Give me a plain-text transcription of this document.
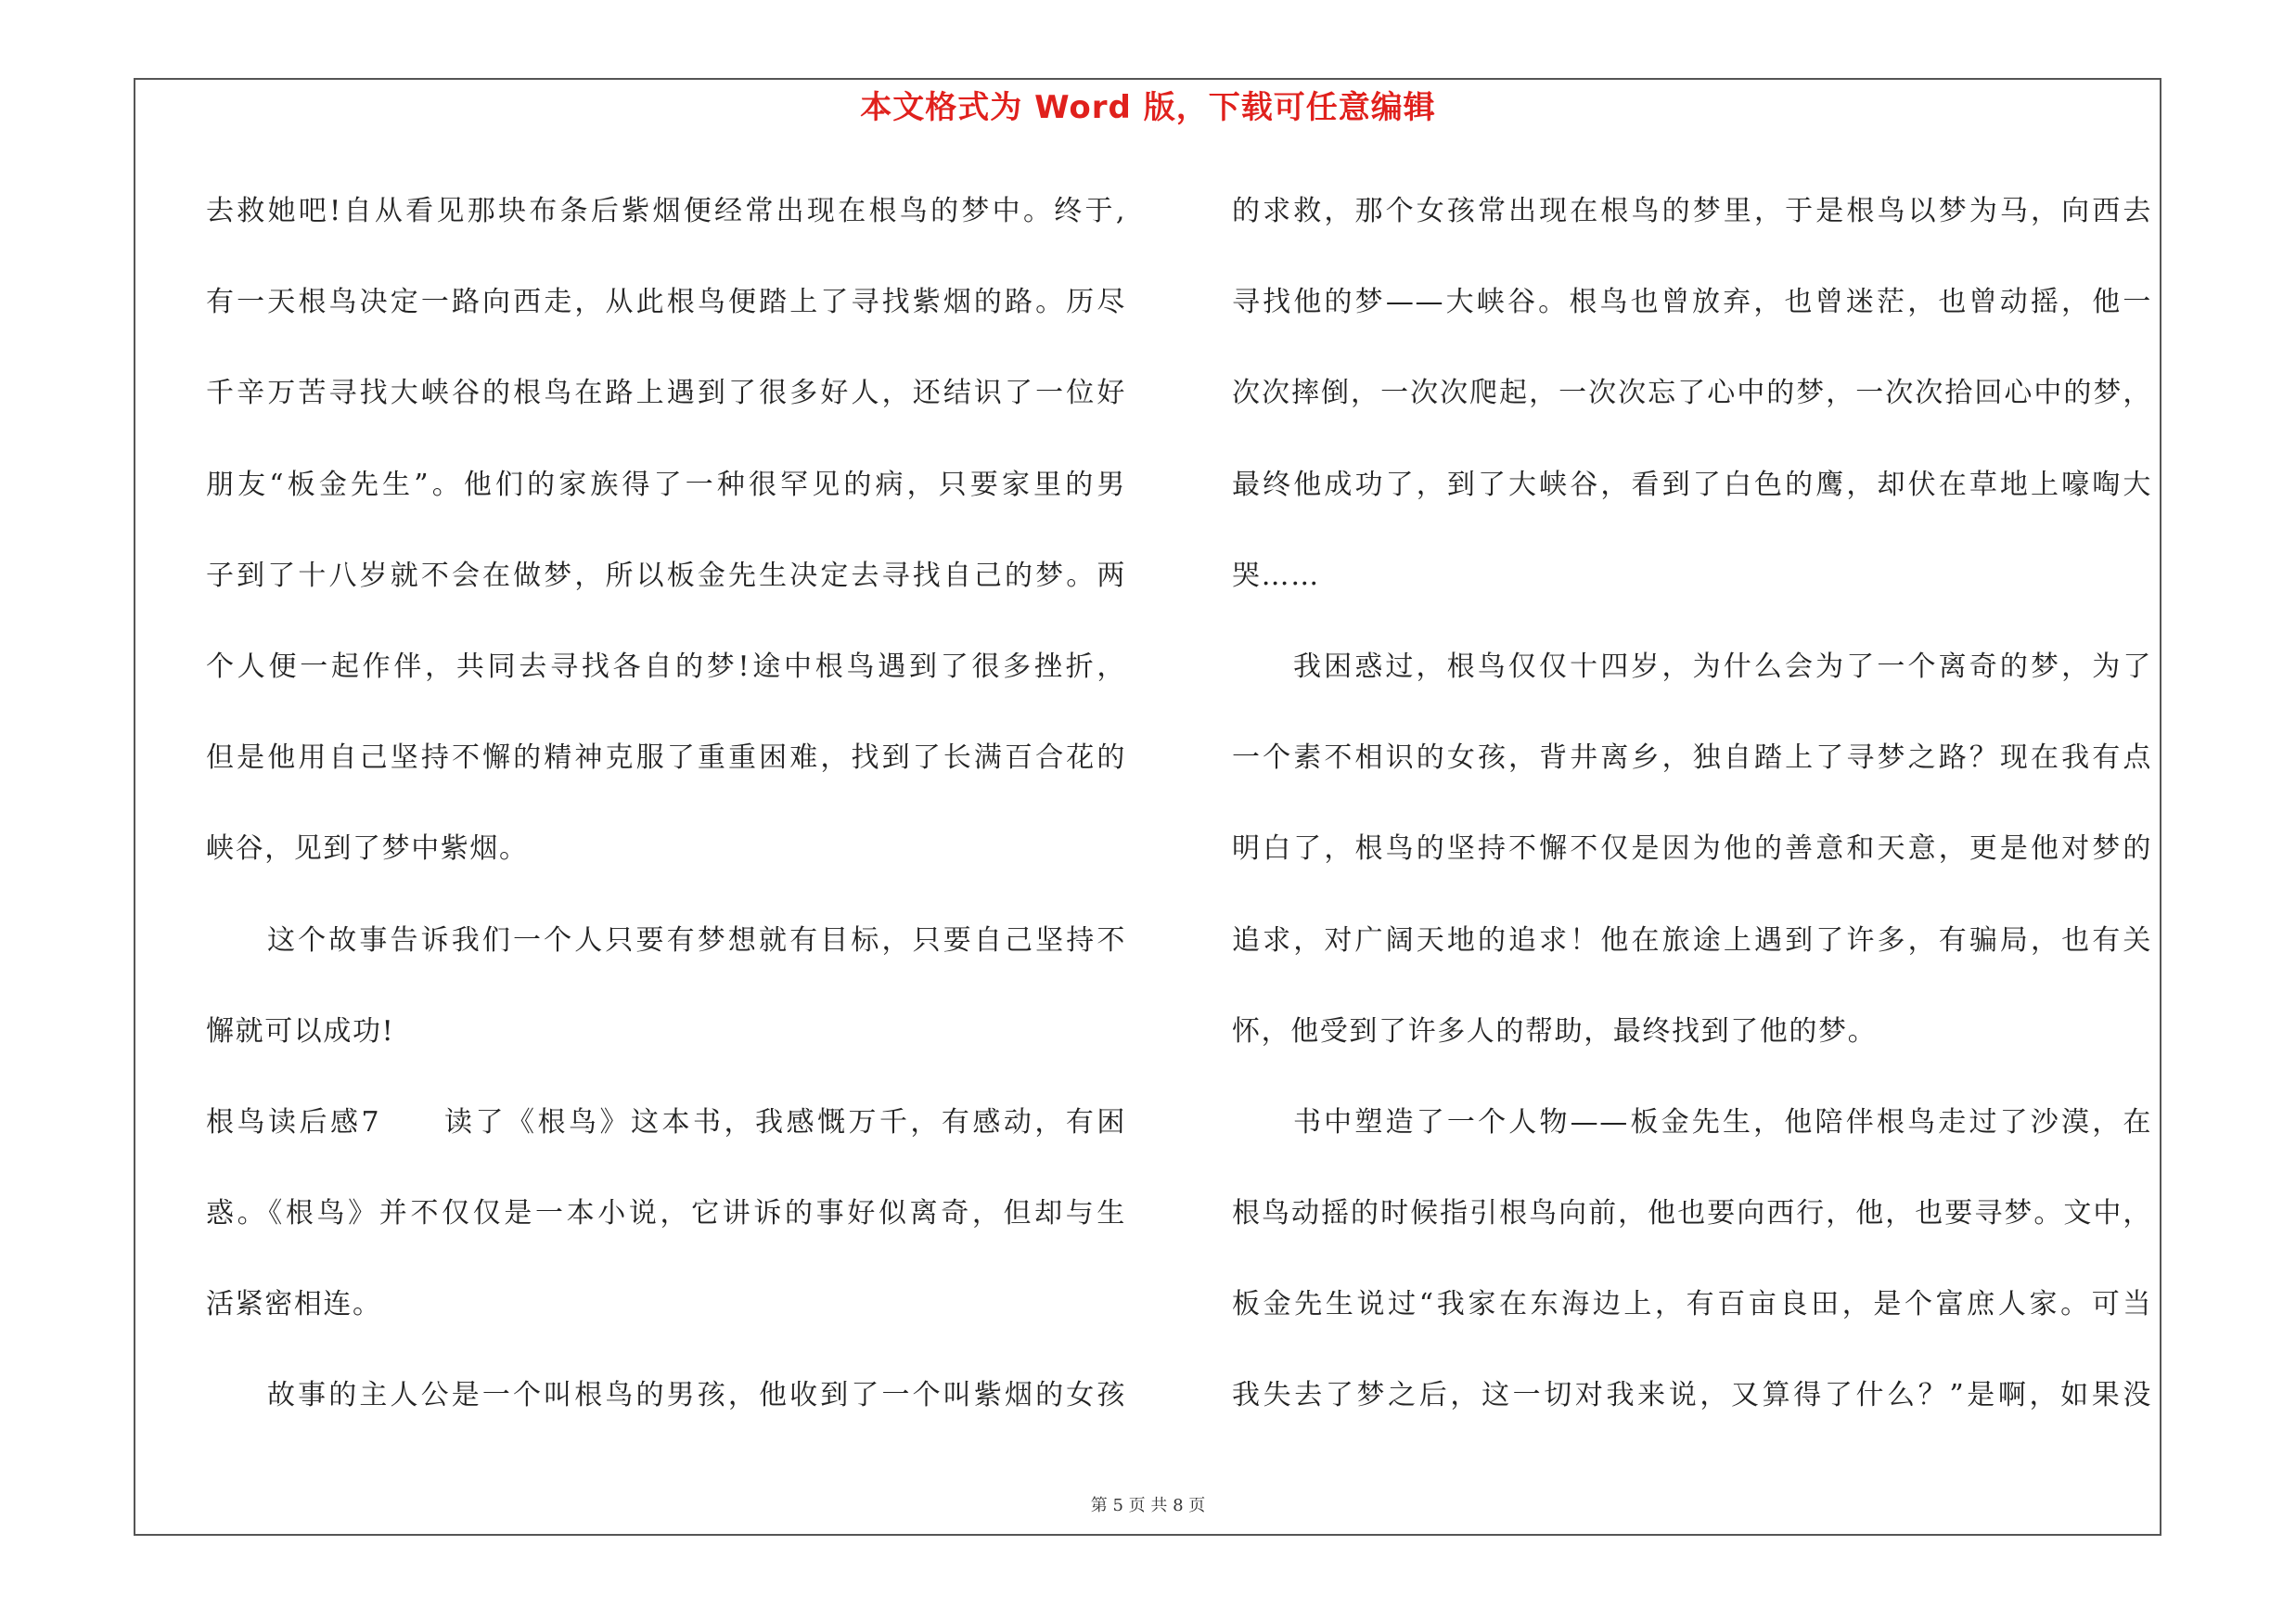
本文格式为 Word 版，下载可任意编辑
去救她吧!自从看见那块布条后紫烟便经常出现在根鸟的梦中。终于,
有一天根鸟决定一路向西走，从此根鸟便踏上了寻找紫烟的路。历尽
千辛万苦寻找大峡谷的根鸟在路上遇到了很多好人，还结识了一位好
朋友“板金先生”。他们的家族得了一种很罕见的病，只要家里的男
子到了十八岁就不会在做梦，所以板金先生决定去寻找自己的梦。两
个人便一起作伴，共同去寻找各自的梦!途中根鸟遇到了很多挫折，
但是他用自己坚持不懈的精神克服了重重困难，找到了长满百合花的
峡谷，见到了梦中紫烟。
这个故事告诉我们一个人只要有梦想就有目标，只要自己坚持不
懈就可以成功!
根鸟读后感7　　读了《根鸟》这本书，我感慨万千，有感动，有困
惑。《根鸟》并不仅仅是一本小说，它讲诉的事好似离奇，但却与生
活紧密相连。
故事的主人公是一个叫根鸟的男孩，他收到了一个叫紫烟的女孩
的求救，那个女孩常出现在根鸟的梦里，于是根鸟以梦为马，向西去
寻找他的梦——大峡谷。根鸟也曾放弃，也曾迷茫，也曾动摇，他一
次次摔倒，一次次爬起，一次次忘了心中的梦，一次次拾回心中的梦，
最终他成功了，到了大峡谷，看到了白色的鹰，却伏在草地上嚎啕大
哭……
我困惑过，根鸟仅仅十四岁，为什么会为了一个离奇的梦，为了
一个素不相识的女孩，背井离乡，独自踏上了寻梦之路？现在我有点
明白了，根鸟的坚持不懈不仅是因为他的善意和天意，更是他对梦的
追求，对广阔天地的追求！他在旅途上遇到了许多，有骗局，也有关
怀，他受到了许多人的帮助，最终找到了他的梦。
书中塑造了一个人物——板金先生，他陪伴根鸟走过了沙漠，在
根鸟动摇的时候指引根鸟向前，他也要向西行，他，也要寻梦。文中，
板金先生说过“我家在东海边上，有百亩良田，是个富庶人家。可当
我失去了梦之后，这一切对我来说，又算得了什么？”是啊，如果没
第 5 页 共 8 页
